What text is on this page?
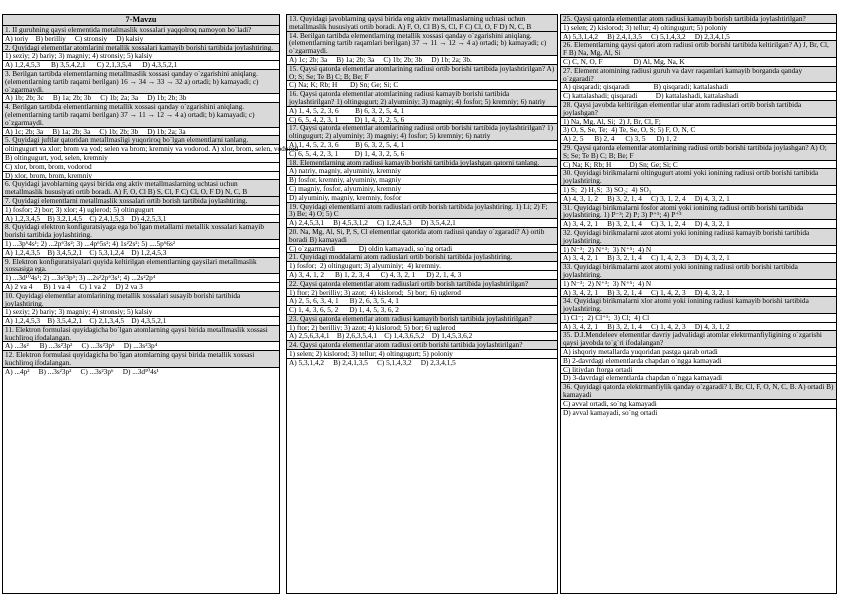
7-Mavzu
1. II guruhning qaysi elementida metalmaslik xossalari yaqqolroq namoyon bo`ladi?
A) toriy    B) berilliy     C) stronsiy     D) kalsiy
2. Quyidagi elementlar atomlarini metallik xossalari kamayib borishi tartibida joylashtiring.
1) seziy; 2) bariy; 3) magniy; 4) stronsiy; 5) kalsiy
A) 1,2,4,5,3      B) 3,5,4,2,1      C) 2,1,3,5,4      D) 4,3,5,2,1
3. Berilgan tartibda elementlarning metallmaslik xossasi qanday o`zgarishini aniqlang. (elementlarning tartib raqami berilgan) 16 → 34 → 33 → 32 a) ortadi; b) kamayadi; c) o`zgarmaydi.
A) 1b; 2b; 3c     B) 1a; 2b; 3b     C) 1b; 2a; 3a     D) 1b; 2b; 3b
4. Berilgan tartibda elementlarning metallik xossasi qanday o`zgarishini aniqlang. (elementlarning tartib raqami berilgan) 37 → 11 → 12 → 4 a) ortadi; b) kamayadi; c) o`zgarmaydi.
A) 1c; 2b; 3a     B) 1a; 2b; 3a     C) 1b; 2b; 3b     D) 1b; 2a; 3a
5. Quyidagi juftlar qatoridan metallmasligi yuqoriroq bo`lgan elementlarni tanlang.
oltingugurt va xlor; brom va yod; selen va brom; kremniy va vodorod. A) xlor, brom, selen, vodorod
B) oltingugurt, yod, selen, kremniy
C) xlor, brom, brom, vodorod
D) xlor, brom, brom, kremniy
6. Quyidagi javoblarning qaysi birida eng aktiv metallmaslarning uchtasi uchun metallmaslik hususiyati ortib boradi. A) F, O, Cl B) S, Cl, F C) Cl, O, F D) N, C, B
7. Quyidagi elementlarni metallmaslik xossalari ortib borish tartibida joylashtiring.
1) fosfor; 2) bor; 3) xlor; 4) uglerod; 5) oltingugurt
A) 1,2,3,4,5    B) 3,2,1,4,5    C) 2,4,1,5,3    D) 4,2,5,3,1
8. Quyidagi elektron konfiguratsiyaga ega bo`lgan metallarni metallik xossalari kamayib borishi tartibida joylashtiring.
1) ...3p⁶4s¹; 2) ...2p⁶3s²; 3) ...4p⁶5s²; 4) 1s²2s²; 5) ....5p⁶6s²
A) 1,2,4,3,5    B) 3,4,5,2,1    C) 5,3,1,2,4    D) 1,2,4,5,3
9. Elektron konfiguratsiyalari quyida keltirilgan elementlarning qaysilari metallmaslik xossasiga ega.
1) ...3d¹⁰4s¹; 2) ...3s²3p⁵; 3) ...2s²2p⁶3s¹; 4) ...2s²2p⁴
A) 2 va 4      B) 1 va 4     C) 1 va 2     D) 2 va 3
10. Quyidagi elementlar atomlarining metallik xossalari susayib borishi tartibida joylashtiring.
1) seziy; 2) bariy; 3) magniy; 4) stronsiy; 5) kalsiy
A) 1,2,4,5,3    B) 3,5,4,2,1    C) 2,1,3,4,5    D) 4,3,5,2,1
11. Elektron formulasi quyidagicha bo`lgan atomlarning qaysi birida metallmaslik xossasi kuchliroq ifodalangan.
A) ...3s²      B) ...3s²3p²     C) ...3s²3p⁵     D) ...3s²3p⁴
12. Elektron formulasi quyidagicha bo`lgan atomlarning qaysi birida metallik xossasi kuchliroq ifodalangan.
A) ...4p²     B) ...3s²3p²     C) ...3s²3p⁶     D) ...3d¹⁰4s¹
13. Quyidagi javoblarning qaysi birida eng aktiv metallmaslarning uchtasi uchun metallmaslik hususiyati ortib boradi. A) F, O, Cl B) S, Cl, F C) Cl, O, F D) N, C, B
14. Berilgan tartibda elementlarning metallik xossasi qanday o`zgarishini aniqlang. (elementlarning tartib raqamlari berilgan) 37 → 11 → 12 → 4 a) ortadi; b) kamayadi; c) o`zgarmaydi.
A) 1c; 2b; 3a     B) 1a; 2b; 3a     C) 1b; 2b; 3b     D) 1b; 2a; 3b.
15. Qaysi qatorda elementlar atomlarining radiusi ortib borishi tartibida joylashtirilgan? A) O; S; Se; Te B) C; B; Be; F
C) Na; K; Rb; H       D) Sn; Ge; Si; C
16. Qaysi qatorda elementlar atomlarining radiusi kamayib borishi tartibida joylashtirilgan? 1) oltingugurt; 2) alyuminiy; 3) magniy; 4) fosfor; 5) kremniy; 6) natriy
A) 1, 4, 5, 2, 3, 6         B) 6, 3, 2, 5, 4, 1
C) 6, 5, 4, 2, 3, 1         D) 1, 4, 3, 2, 5, 6
17. Qaysi qatorda elementlar atomlarining radiusi ortib borishi tartibida joylashtirilgan? 1) oltingugurt; 2) alyuminiy; 3) magniy; 4) fosfor; 5) kremniy; 6) natriy
A) 1, 4, 5, 2, 3, 6         B) 6, 3, 2, 5, 4, 1
C) 6, 5, 4, 2, 3, 1         D) 1, 4, 3, 2, 5, 6
18. Elementlarning atom radiusi kamayib borishi tartibida joylashgan qatorni tanlang.
A) natriy, magniy, alyuminiy, kremniy
B) fosfor, kremniy, alyuminiy, magniy
C) magniy, fosfor, alyuminiy, kremniy
D) alyuminiy, magniy, kremniy, fosfor
19. Quyidagi elementlarni atom radiuslari ortib borish tartibida joylashtiring. 1) Li; 2) F; 3) Be; 4) O; 5) C
A) 2,4,5,3,1     B) 4,5,3,1,2     C) 1,2,4,5,3     D) 3,5,4,2,1
20. Na, Mg, Al, Si, P, S, Cl elementlar qatorida atom radiusi qanday o`zgaradi? A) ortib boradi B) kamayadi
C) o`zgarmaydi             D) oldin kamayadi, so`ng ortadi
21. Quyidagi moddalarni atom radiuslari ortib borishi tartibida joylashtiring.
1) fosfor;  2) oltingugurt; 3) alyuminiy;  4) kremniy.
A) 3, 4, 1, 2      B) 1, 2, 3, 4      C) 4, 3, 2, 1      D) 2, 1, 4, 3
22. Qaysi qatorda elementlar atom radiuslari ortib borish tartibida joylashtirilgan?
1) ftor; 2) berilliy; 3) azot;  4) kislorod;  5) bor;  6) uglerod
A) 2, 5, 6, 3, 4, 1      B) 2, 6, 3, 5, 4, 1
C) 1, 4, 3, 6, 5, 2      D) 1, 4, 5, 3, 6, 2
23. Qaysi qatorda elementlar atom radiusi kamayib borish tartibida joylashtirilgan?
1) ftor; 2) berilliy; 3) azot; 4) kislorod; 5) bor; 6) uglerod
A) 2,5,6,3,4,1    B) 2,6,3,5,4,1    C) 1,4,3,6,5,2    D) 1,4,5,3,6,2
24. Qaysi qatorda elementlar atom radiusi ortib borishi tartibida joylashtirilgan?
1) selen; 2) kislorod; 3) tellur; 4) oltingugurt; 5) poloniy
A) 5,3,1,4,2     B) 2,4,1,3,5     C) 5,1,4,3,2     D) 2,3,4,1,5
25. Qaysi qatorda elementlar atom radiusi kamayib borish tartibida joylashtirilgan?
1) selen; 2) kislorod; 3) tellur; 4) oltingugurt; 5) poloniy
A) 5,3,1,4,2     B) 2,4,1,3,5     C) 5,1,4,3,2     D) 2,3,4,1,5
26. Elementlarning qaysi qatori atom radiusi ortib borishi tartibida keltirilgan? A) J, Br, Cl, F B) Na, Mg, Al, Si
C) C, N, O, F                 D) Al, Mg, Na, K
27. Element atomining radiusi guruh va davr raqamlari kamayib borganda qanday o`zgaradi?
A) qisqaradi; qisqaradi             B) qisqaradi; kattalashadi
C) kattalashadi; qisqaradi          D) kattalashadi, kattalashadi
28. Qaysi javobda keltirilgan elementlar ular atom radiuslari ortib borish tartibida joylashgan?
1) Na, Mg, Al, Si;  2) J, Br, Cl, F;
3) O, S, Se, Te;  4) Te, Se, O, S; 5) F, O, N, C
A) 2, 5      B) 2, 4      C) 3, 5      D) 1, 2
29. Qaysi qatorda elementlar atomlarining radiusi ortib borishi tartibida joylashgan? A) O; S; Se; Te B) C; B; Be; F
C) Na; K; Rb; H          D) Sn; Ge; Si; C
30. Quyidagi birikmalarni oltingugurt atomi yoki ionining radiusi ortib borishi tartibida joylashtiring.
1) S;  2) H₂S;  3) SO₂;  4) SO₃
A) 4, 3, 1, 2     B) 3, 2, 1, 4     C) 3, 1, 2, 4     D) 4, 3, 2, 1
31. Quyidagi birikmalarni fosfor atomi yoki ionining radiusi ortib borishi tartibida joylashtiring. 1) P⁻³; 2) P; 3) P⁺⁵; 4) P⁺³
A) 3, 4, 2, 1     B) 3, 2, 1, 4     C) 3, 1, 2, 4     D) 4, 3, 2, 1
32. Quyidagi birikmalarni azot atomi yoki ionining radiusi kamayib borishi tartibida joylashtiring.
1) N⁻³;  2) N⁺³;  3) N⁺⁵;  4) N
A) 3, 4, 2, 1     B) 3, 2, 1, 4     C) 1, 4, 2, 3     D) 4, 3, 2, 1
33. Quyidagi birikmalarni azot atomi yoki ionining radiusi ortib borishi tartibida joylashtiring.
1) N⁻³;  2) N⁺³;  3) N⁺⁵;  4) N
A) 3, 4, 2, 1     B) 3, 2, 1, 4     C) 1, 4, 2, 3     D) 4, 3, 2, 1
34. Quyidagi birikmalarni xlor atomi yoki ionining radiusi kamayib borishi tartibida joylashtiring.
1) Cl⁻;  2) Cl⁺¹;  3) Cl;  4) Cl
A) 3, 4, 2, 1     B) 3, 2, 1, 4     C) 1, 4, 2, 3     D) 4, 3, 1, 2
35. D.I.Mendeleev elementlar davriy jadvalidagi atomlar elektrmanfiyligining o`zgarishi qaysi javobda to`g`ri ifodalangan?
A) ishqoriy metallarda yuqoridan pastga qarab ortadi
B) 2-davrdagi elementlarda chapdan o`ngga kamayadi
C) litiydan ftorga ortadi
D) 3-davrdagi elementlarda chapdan o`ngga kamayadi
36. Quyidagi qatorda elektrmanfiylik qanday o`zgaradi? I, Br, Cl, F, O, N, C, B. A) ortadi B) kamayadi
C) avval ortadi, so`ng kamayadi
D) avval kamayadi, so`ng ortadi
